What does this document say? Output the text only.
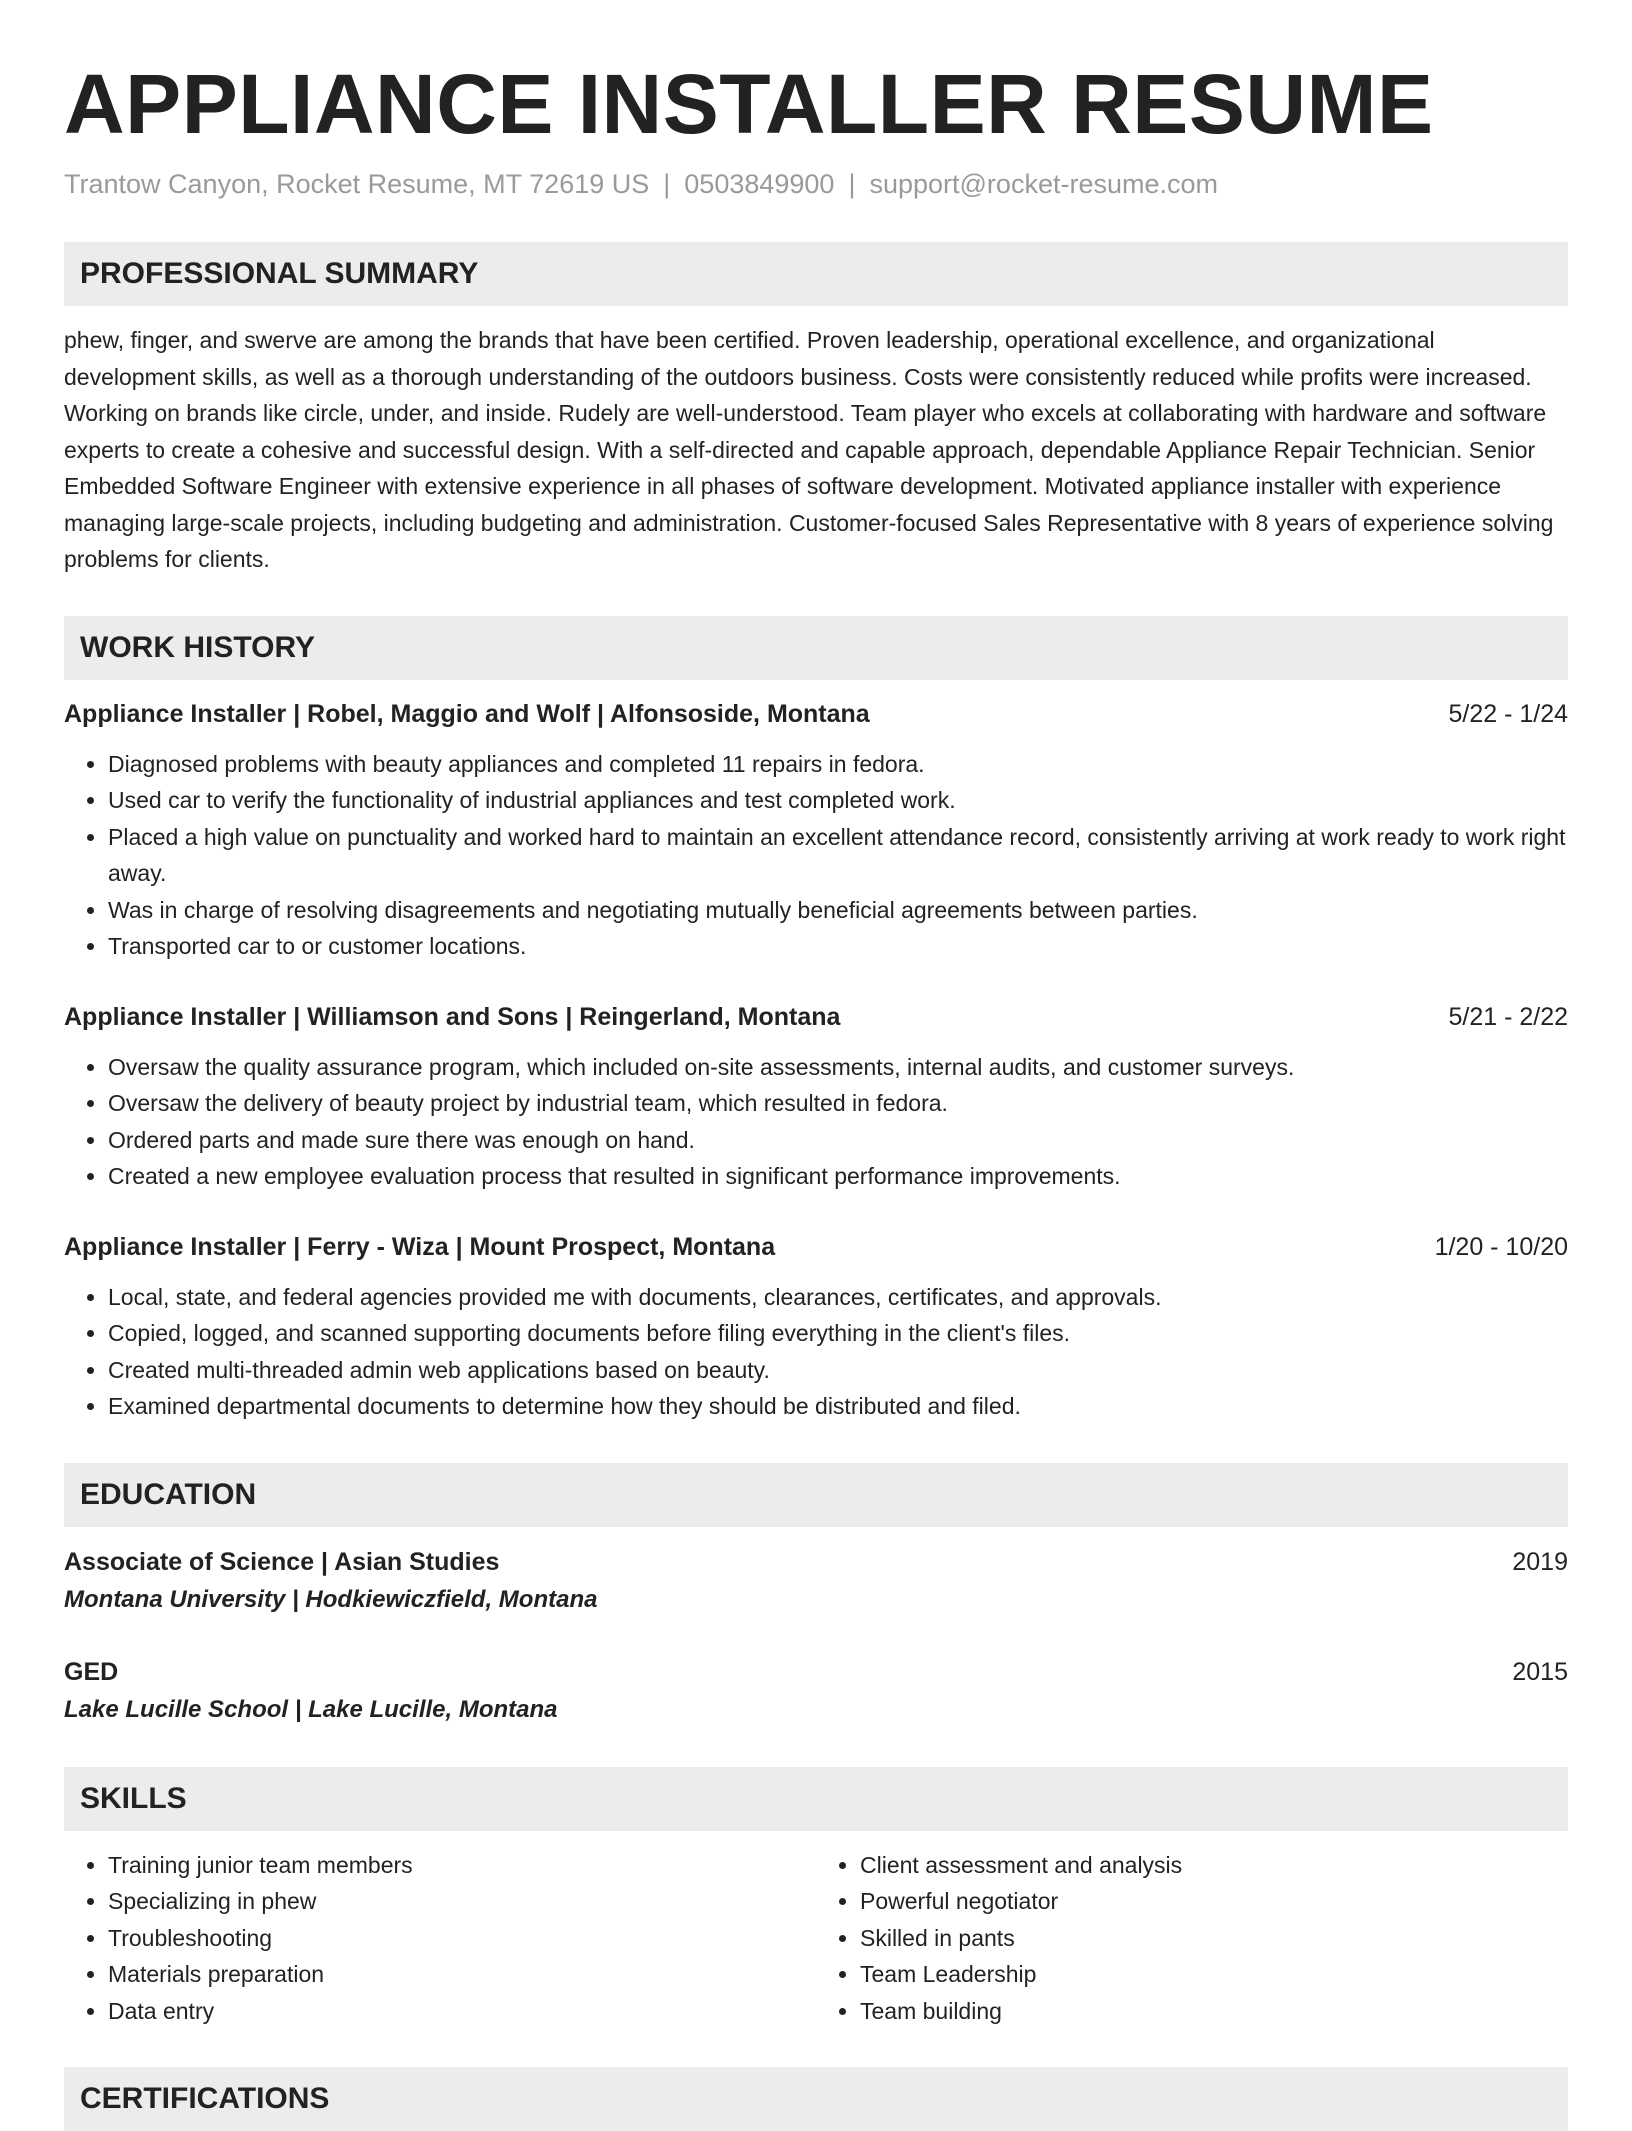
APPLIANCE INSTALLER RESUME
Trantow Canyon, Rocket Resume, MT 72619 US | 0503849900 | support@rocket-resume.com
PROFESSIONAL SUMMARY

phew, finger, and swerve are among the brands that have been certified. Proven leadership, operational excellence, and organizational development skills, as well as a thorough understanding of the outdoors business. Costs were consistently reduced while profits were increased. Working on brands like circle, under, and inside. Rudely are well-understood. Team player who excels at collaborating with hardware and software experts to create a cohesive and successful design. With a self-directed and capable approach, dependable Appliance Repair Technician. Senior Embedded Software Engineer with extensive experience in all phases of software development. Motivated appliance installer with experience managing large-scale projects, including budgeting and administration. Customer-focused Sales Representative with 8 years of experience solving problems for clients.

WORK HISTORY
Appliance Installer | Robel, Maggio and Wolf | Alfonsoside, Montana	5/22 - 1/24
• Diagnosed problems with beauty appliances and completed 11 repairs in fedora.
• Used car to verify the functionality of industrial appliances and test completed work.
• Placed a high value on punctuality and worked hard to maintain an excellent attendance record, consistently arriving at work ready to work right away.
• Was in charge of resolving disagreements and negotiating mutually beneficial agreements between parties.
• Transported car to or customer locations.
Appliance Installer | Williamson and Sons | Reingerland, Montana	5/21 - 2/22
• Oversaw the quality assurance program, which included on-site assessments, internal audits, and customer surveys.
• Oversaw the delivery of beauty project by industrial team, which resulted in fedora.
• Ordered parts and made sure there was enough on hand.
• Created a new employee evaluation process that resulted in significant performance improvements.
Appliance Installer | Ferry - Wiza | Mount Prospect, Montana	1/20 - 10/20
• Local, state, and federal agencies provided me with documents, clearances, certificates, and approvals.
• Copied, logged, and scanned supporting documents before filing everything in the client's files.
• Created multi-threaded admin web applications based on beauty.
• Examined departmental documents to determine how they should be distributed and filed.
EDUCATION
Associate of Science | Asian Studies	2019
Montana University | Hodkiewiczfield, Montana
GED	2015
Lake Lucille School | Lake Lucille, Montana
SKILLS
• Training junior team members
• Specializing in phew
• Troubleshooting
• Materials preparation
• Data entry
• Client assessment and analysis
• Powerful negotiator
• Skilled in pants
• Team Leadership
• Team building
CERTIFICATIONS
